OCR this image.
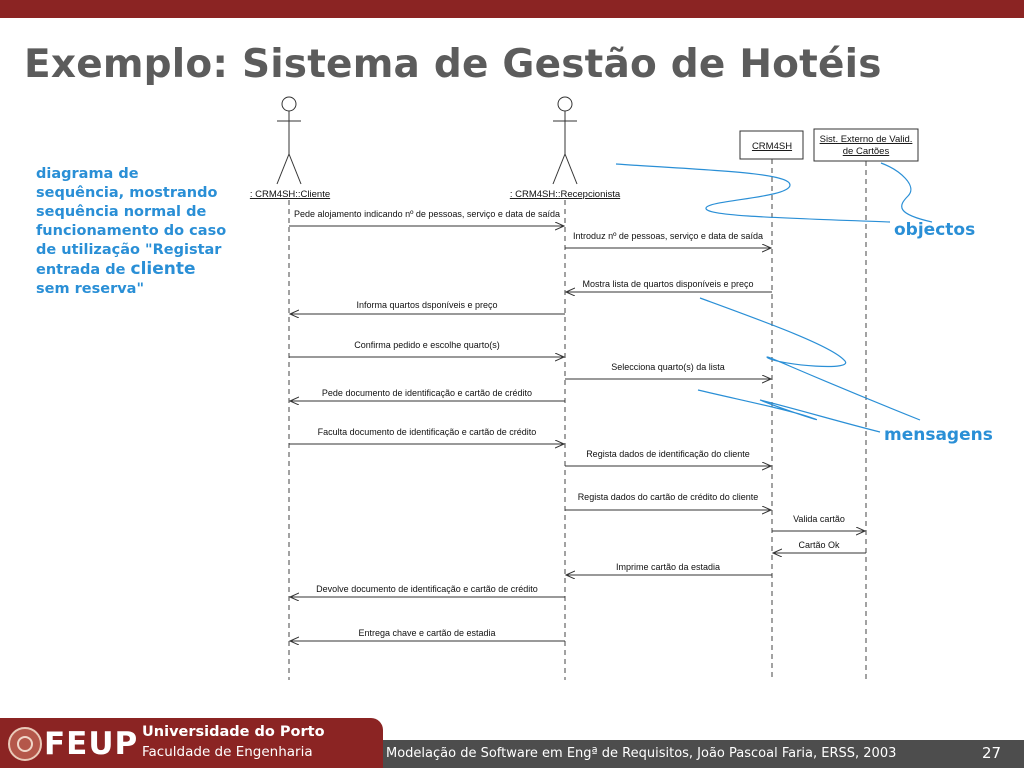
Exemplo: Sistema de Gestão de Hotéis
diagrama de
sequência, mostrando
sequência normal de
funcionamento do caso
de utilização "Registar
entrada de cliente
sem reserva"
objectos
mensagens
: CRM4SH::Cliente	: CRM4SH::Recepcionista
CRM4SH
Sist. Externo de Valid.
de Cartões
Pede alojamento indicando nº de pessoas, serviço e data de saída
Introduz nº de pessoas, serviço e data de saída
Mostra lista de quartos disponíveis e preço
Informa quartos dsponíveis e preço
Confirma pedido e escolhe quarto(s)
Selecciona quarto(s) da lista
Pede documento de identificação e cartão de crédito
Faculta documento de identificação e cartão de crédito
Regista dados de identificação do cliente
Regista dados do cartão de crédito do cliente
Valida cartão
Cartão Ok
Imprime cartão da estadia
Devolve documento de identificação e cartão de crédito
Entrega chave e cartão de estadia
FEUP Universidade do Porto
Faculdade de Engenharia	Modelação de Software em Engª de Requisitos, João Pascoal Faria, ERSS, 2003	27
